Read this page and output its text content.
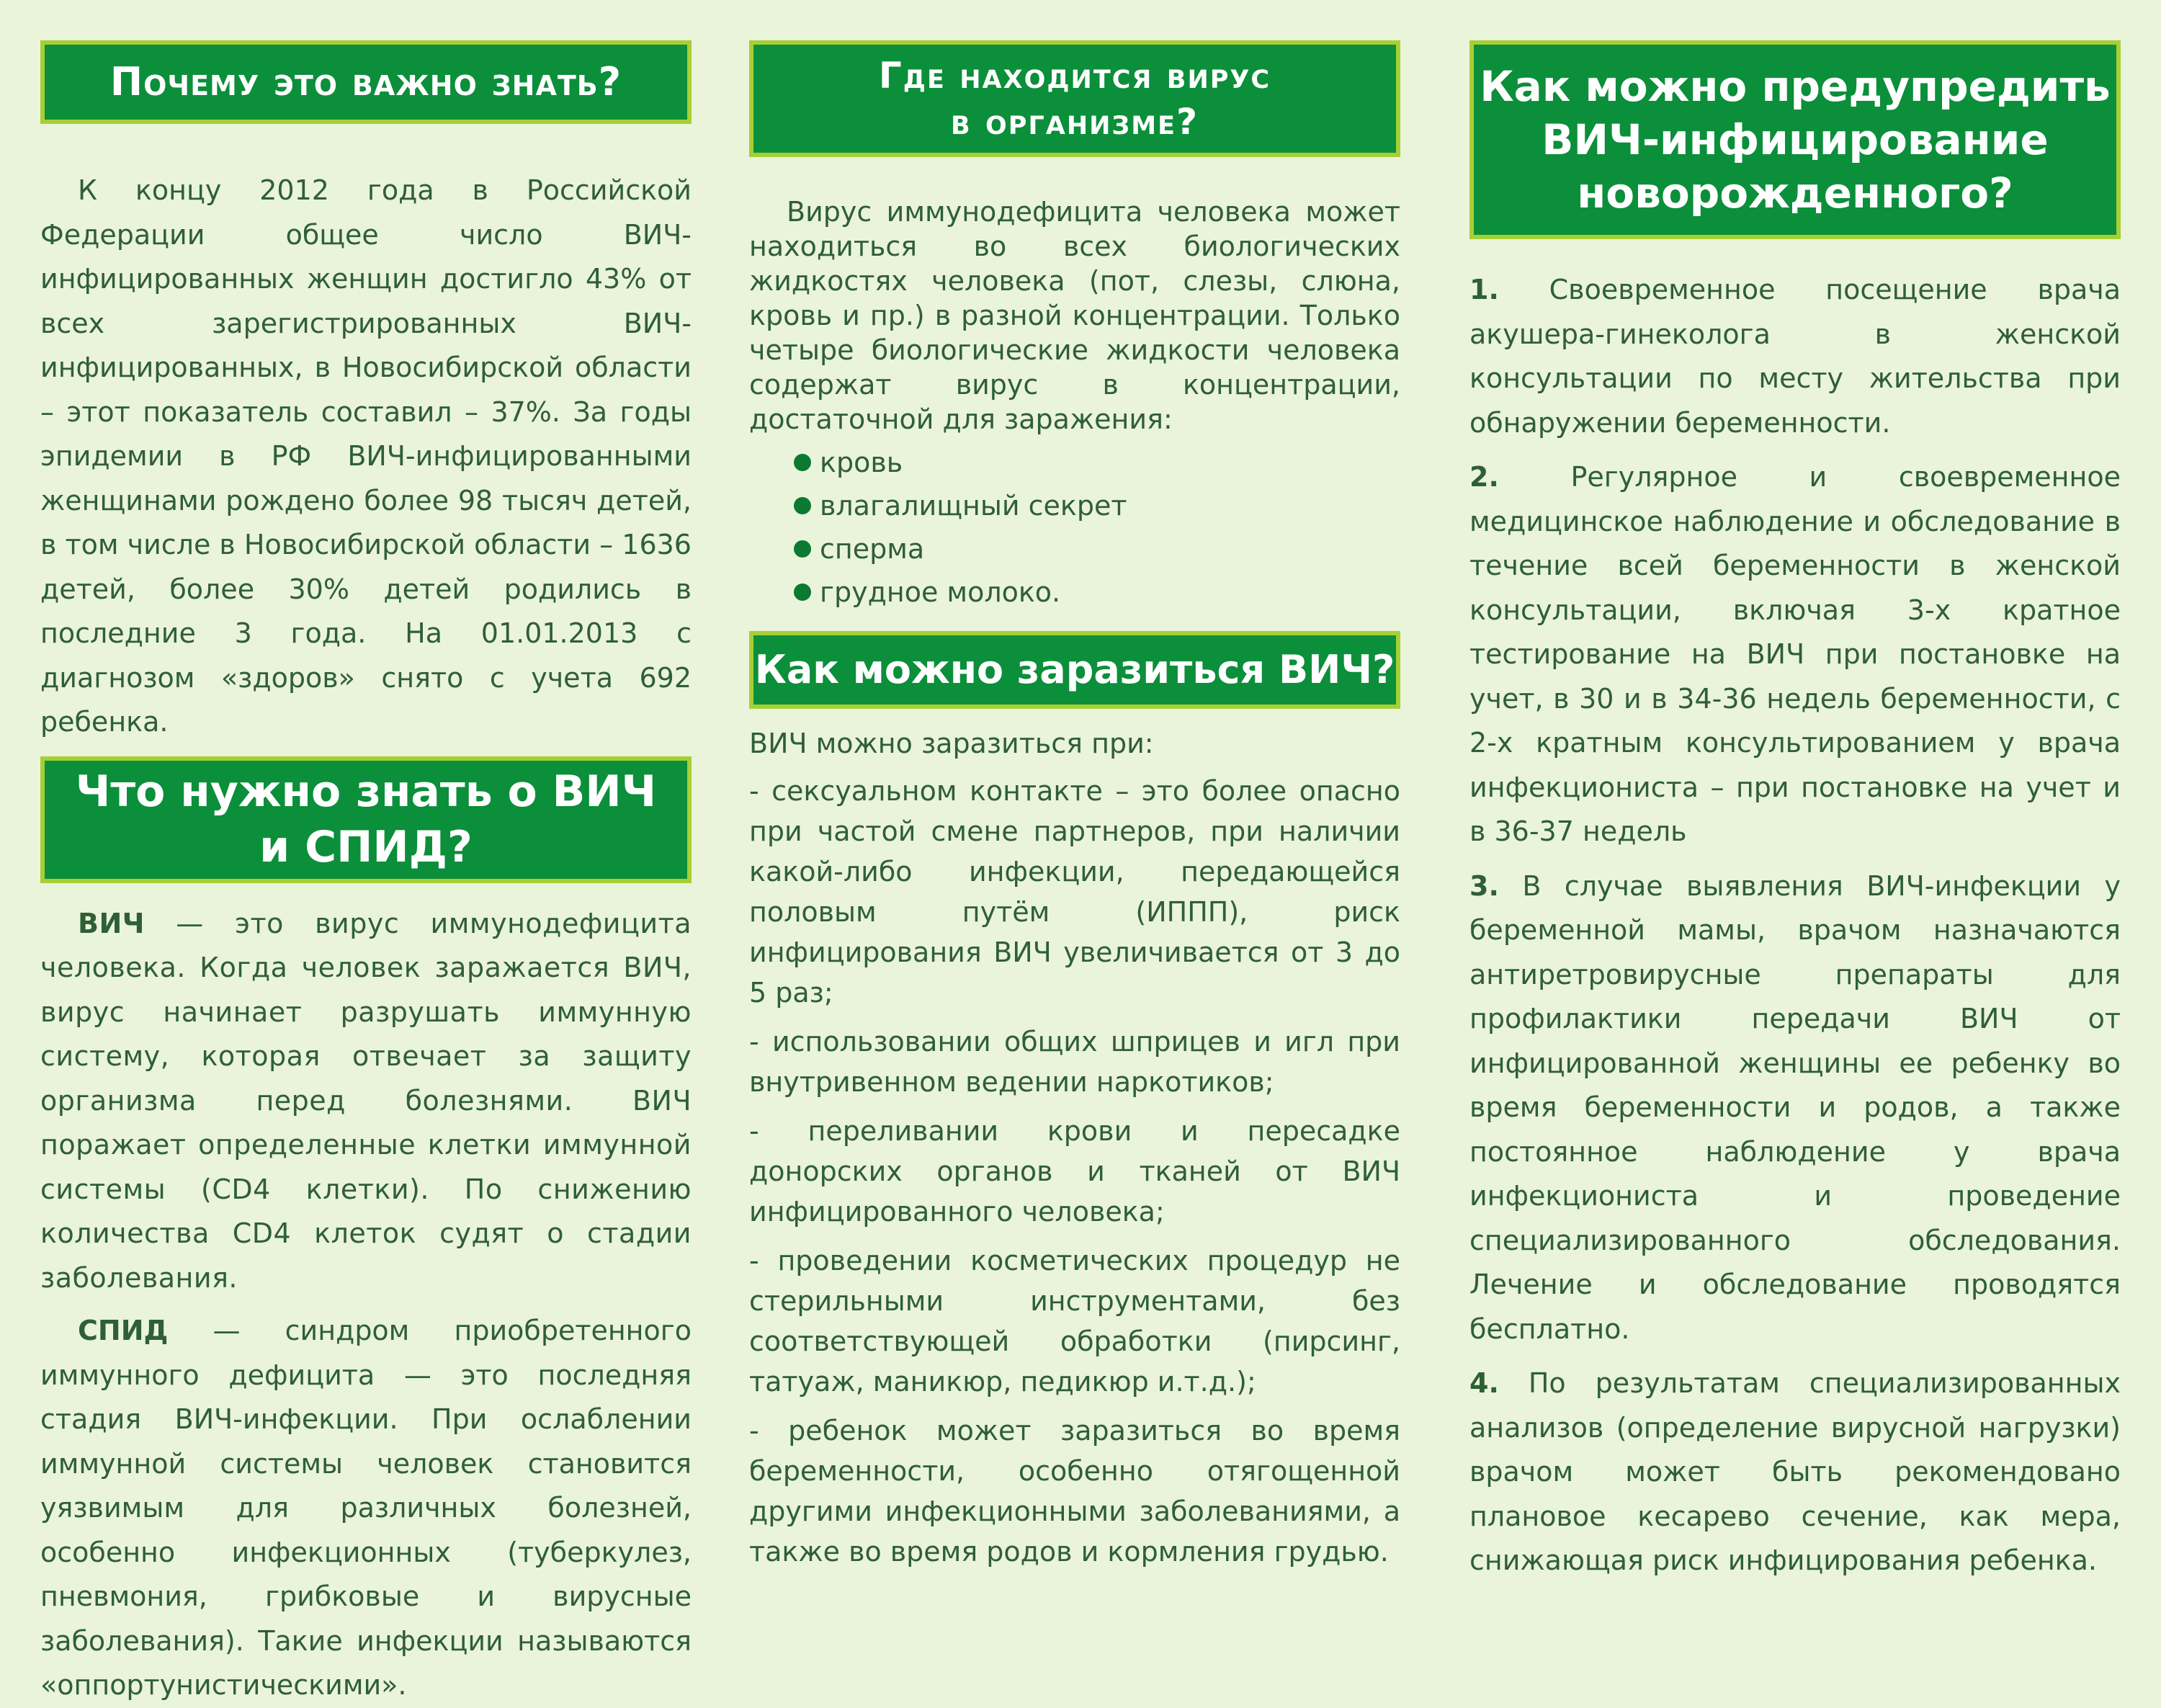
Почему это важно знать?

К концу 2012 года в Российской Федерации общее число ВИЧ-инфицированных женщин достигло 43% от всех зарегистрированных ВИЧ-инфицированных, в Новосибирской области – этот показатель составил – 37%. За годы эпидемии в РФ ВИЧ-инфицированными женщинами рождено более 98 тысяч детей, в том числе в Новосибирской области – 1636 детей, более 30% детей родились в последние 3 года. На 01.01.2013 с диагнозом «здоров» снято с учета 692 ребенка.

Что нужно знать о ВИЧ
и СПИД?

ВИЧ — это вирус иммунодефицита человека. Когда человек заражается ВИЧ, вирус начинает разрушать иммунную систему, которая отвечает за защиту организма перед болезнями. ВИЧ поражает определенные клетки иммунной системы (CD4 клетки). По снижению количества CD4 клеток судят о стадии заболевания.

СПИД — синдром приобретенного иммунного дефицита — это последняя стадия ВИЧ-инфекции. При ослаблении иммунной системы человек становится уязвимым для различных болезней, особенно инфекционных (туберкулез, пневмония, грибковые и вирусные заболевания). Такие инфекции называются «оппортунистическими».

Где находится вирус
в организме?

Вирус иммунодефицита человека может находиться во всех биологических жидкостях человека (пот, слезы, слюна, кровь и пр.) в разной концентрации. Только четыре биологические жидкости человека содержат вирус в концентрации, достаточной для заражения:

кровь
влагалищный секрет
сперма
грудное молоко.
Как можно заразиться ВИЧ?

ВИЧ можно заразиться при:

- сексуальном контакте – это более опасно при частой смене партнеров, при наличии какой-либо инфекции, передающейся половым путём (ИППП), риск инфицирования ВИЧ увеличивается от 3 до 5 раз;

- использовании общих шприцев и игл при внутривенном ведении наркотиков;

- переливании крови и пересадке донорских органов и тканей от ВИЧ инфицированного человека;

- проведении косметических процедур не стерильными инструментами, без соответствующей обработки (пирсинг, татуаж, маникюр, педикюр и.т.д.);

- ребенок может заразиться во время беременности, особенно отягощенной другими инфекционными заболеваниями, а также во время родов и кормления грудью.

Как можно предупредить
ВИЧ-инфицирование
новорожденного?

1. Своевременное посещение врача акушера-гинеколога в женской консультации по месту жительства при обнаружении беременности.

2. Регулярное и своевременное медицинское наблюдение и обследование в течение всей беременности в женской консультации, включая 3-х кратное тестирование на ВИЧ при постановке на учет, в 30 и в 34-36 недель беременности, с 2-х кратным консультированием у врача инфекциониста – при постановке на учет и в 36-37 недель

3. В случае выявления ВИЧ-инфекции у беременной мамы, врачом назначаются антиретровирусные препараты для профилактики передачи ВИЧ от инфицированной женщины ее ребенку во время беременности и родов, а также постоянное наблюдение у врача инфекциониста и проведение специализированного обследования. Лечение и обследование проводятся бесплатно.

4. По результатам специализированных анализов (определение вирусной нагрузки) врачом может быть рекомендовано плановое кесарево сечение, как мера, снижающая риск инфицирования ребенка.
